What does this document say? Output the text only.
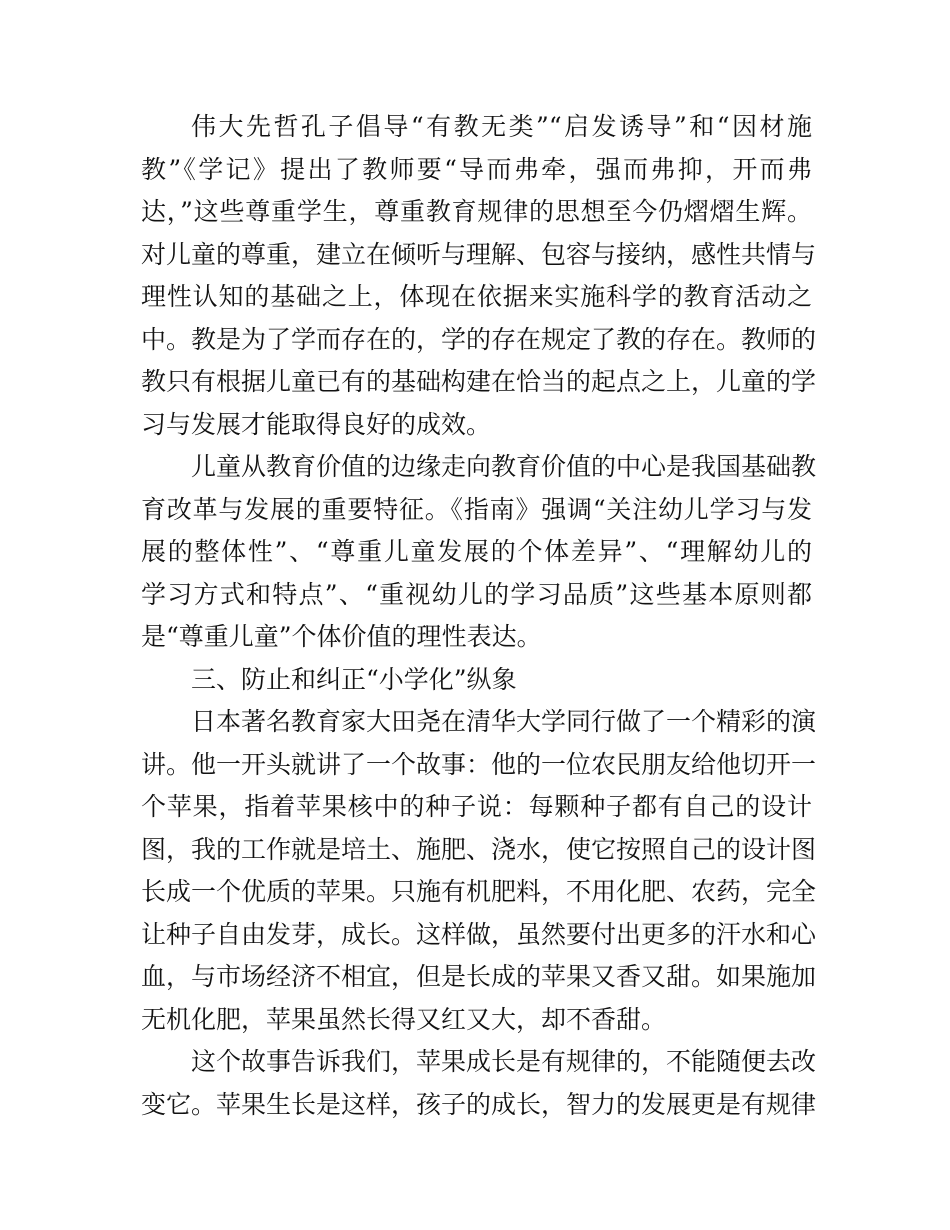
伟大先哲孔子倡导“有教无类”“启发诱导”和“因材施
教”《学记》提出了教师要“导而弗牵，强而弗抑，开而弗
达，”这些尊重学生，尊重教育规律的思想至今仍熠熠生辉。
对儿童的尊重，建立在倾听与理解、包容与接纳，感性共情与
理性认知的基础之上，体现在依据来实施科学的教育活动之
中。教是为了学而存在的，学的存在规定了教的存在。教师的
教只有根据儿童已有的基础构建在恰当的起点之上，儿童的学
习与发展才能取得良好的成效。
儿童从教育价值的边缘走向教育价值的中心是我国基础教
育改革与发展的重要特征。《指南》强调“关注幼儿学习与发
展的整体性”、“尊重儿童发展的个体差异”、“理解幼儿的
学习方式和特点”、“重视幼儿的学习品质”这些基本原则都
是“尊重儿童”个体价值的理性表达。
三、防止和纠正“小学化”纵象
日本著名教育家大田尧在清华大学同行做了一个精彩的演
讲。他一开头就讲了一个故事：他的一位农民朋友给他切开一
个苹果，指着苹果核中的种子说：每颗种子都有自己的设计
图，我的工作就是培土、施肥、浇水，使它按照自己的设计图
长成一个优质的苹果。只施有机肥料，不用化肥、农药，完全
让种子自由发芽，成长。这样做，虽然要付出更多的汗水和心
血，与市场经济不相宜，但是长成的苹果又香又甜。如果施加
无机化肥，苹果虽然长得又红又大，却不香甜。
这个故事告诉我们，苹果成长是有规律的，不能随便去改
变它。苹果生长是这样，孩子的成长，智力的发展更是有规律
